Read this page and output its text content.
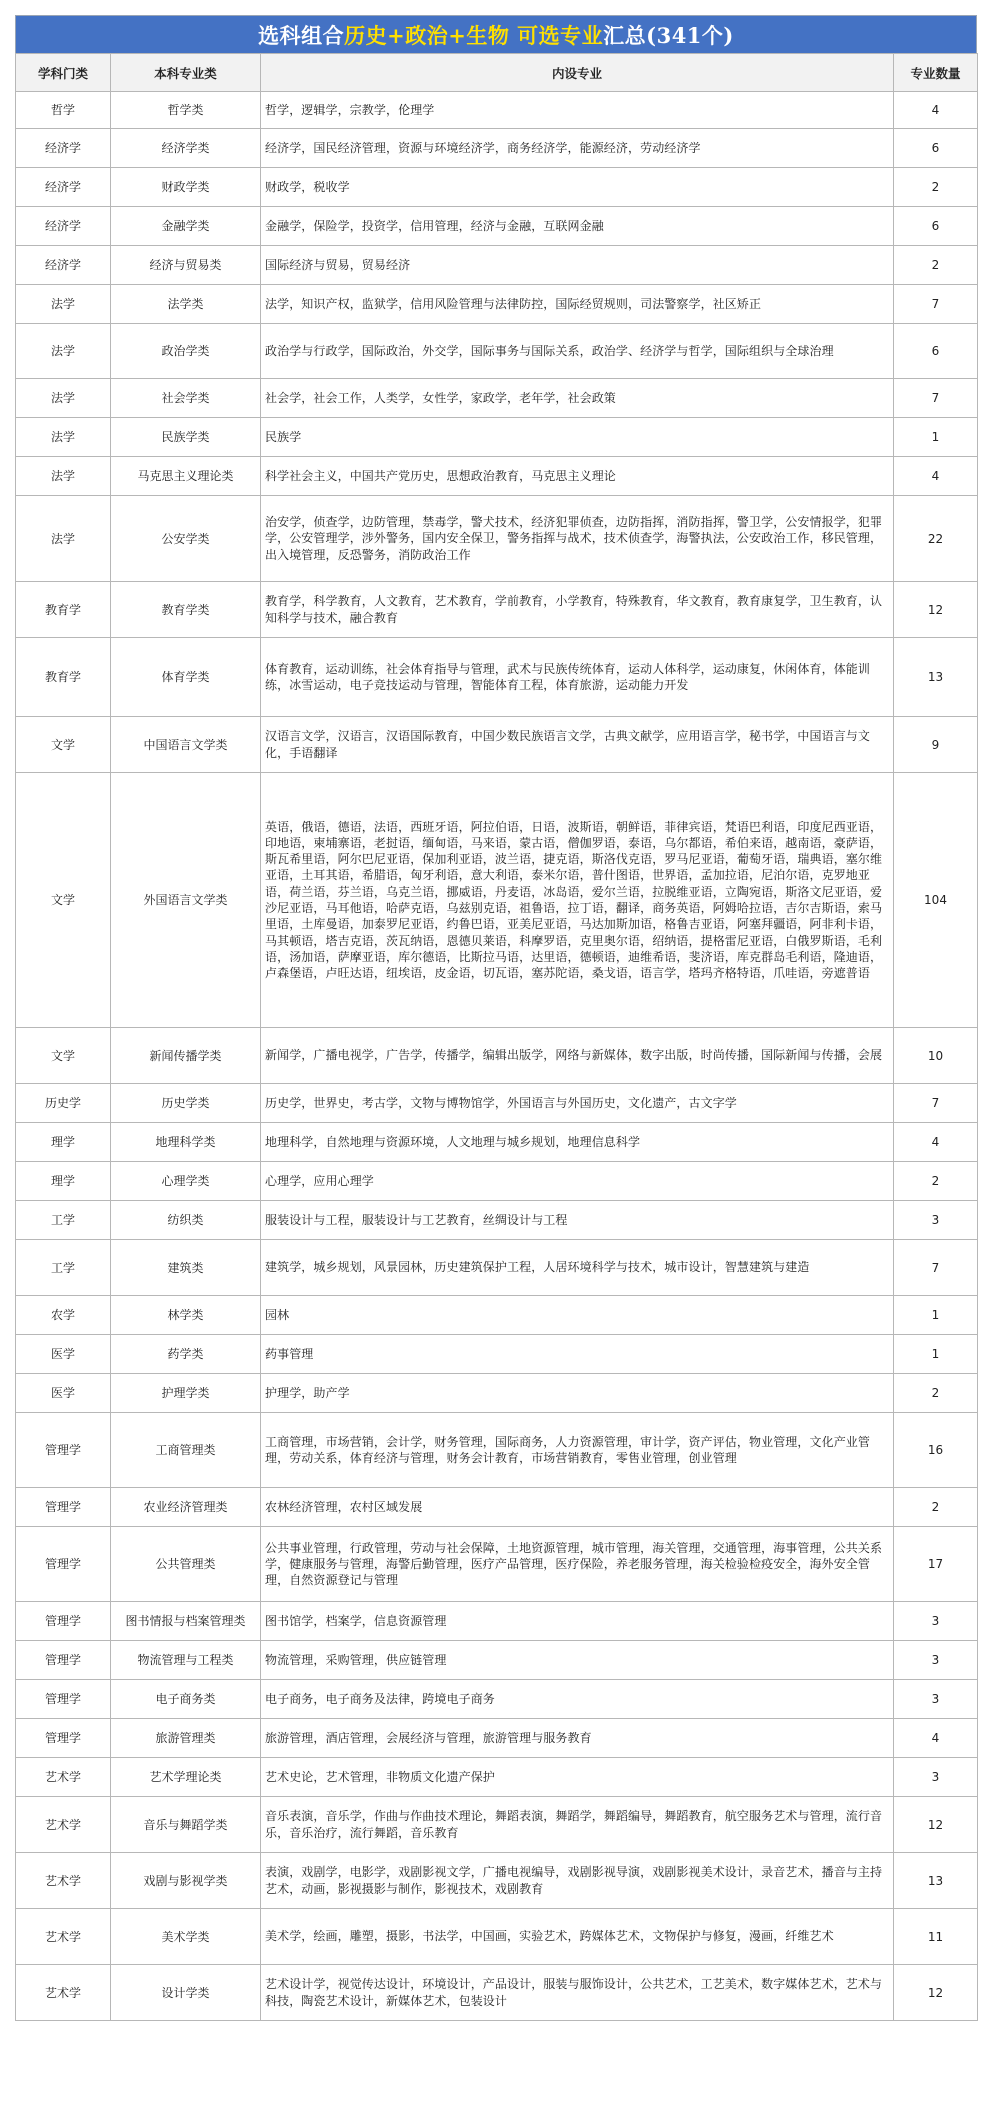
选科组合 历史+政治+生物
可选专业 汇总(341个)
学科门类	本科专业类	内设专业	专业数量
哲学	哲学类	哲学，逻辑学，宗教学，伦理学	4
经济学	经济学类	经济学，国民经济管理，资源与环境经济学，商务经济学，能源经济，劳动经济学	6
经济学	财政学类	财政学，税收学	2
经济学	金融学类	金融学，保险学，投资学，信用管理，经济与金融，互联网金融	6
经济学	经济与贸易类	国际经济与贸易，贸易经济	2
法学	法学类	法学，知识产权，监狱学，信用风险管理与法律防控，国际经贸规则，司法警察学，社区矫正	7
法学	政治学类	政治学与行政学，国际政治，外交学，国际事务与国际关系，政治学、经济学与哲学，国际组织与全球治理	6
法学	社会学类	社会学，社会工作，人类学，女性学，家政学，老年学，社会政策	7
法学	民族学类	民族学	1
法学	马克思主义理论类	科学社会主义，中国共产党历史，思想政治教育，马克思主义理论	4
法学	公安学类	治安学，侦查学，边防管理，禁毒学，警犬技术，经济犯罪侦查，边防指挥，消防指挥，警卫学，公安情报学，犯罪学，公安管理学，涉外警务，国内安全保卫，警务指挥与战术，技术侦查学，海警执法，公安政治工作，移民管理，出入境管理，反恐警务，消防政治工作	22
教育学	教育学类	教育学，科学教育，人文教育，艺术教育，学前教育，小学教育，特殊教育，华文教育，教育康复学，卫生教育，认知科学与技术，融合教育	12
教育学	体育学类	体育教育，运动训练，社会体育指导与管理，武术与民族传统体育，运动人体科学，运动康复，休闲体育，体能训练，冰雪运动，电子竞技运动与管理，智能体育工程，体育旅游，运动能力开发	13
文学	中国语言文学类	汉语言文学，汉语言，汉语国际教育，中国少数民族语言文学，古典文献学，应用语言学，秘书学，中国语言与文化，手语翻译	9
文学	外国语言文学类	英语，俄语，德语，法语，西班牙语，阿拉伯语，日语，波斯语，朝鲜语，菲律宾语，梵语巴利语，印度尼西亚语，印地语，柬埔寨语，老挝语，缅甸语，马来语，蒙古语，僧伽罗语，泰语，乌尔都语，希伯来语，越南语，豪萨语，斯瓦希里语，阿尔巴尼亚语，保加利亚语，波兰语，捷克语，斯洛伐克语，罗马尼亚语，葡萄牙语，瑞典语，塞尔维亚语，土耳其语，希腊语，匈牙利语，意大利语，泰米尔语，普什图语，世界语，孟加拉语，尼泊尔语，克罗地亚语，荷兰语，芬兰语，乌克兰语，挪威语，丹麦语，冰岛语，爱尔兰语，拉脱维亚语，立陶宛语，斯洛文尼亚语，爱沙尼亚语，马耳他语，哈萨克语，乌兹别克语，祖鲁语，拉丁语，翻译，商务英语，阿姆哈拉语，吉尔吉斯语，索马里语，土库曼语，加泰罗尼亚语，约鲁巴语，亚美尼亚语，马达加斯加语，格鲁吉亚语，阿塞拜疆语，阿非利卡语，马其顿语，塔吉克语，茨瓦纳语，恩德贝莱语，科摩罗语，克里奥尔语，绍纳语，提格雷尼亚语，白俄罗斯语，毛利语，汤加语，萨摩亚语，库尔德语，比斯拉马语，达里语，德顿语，迪维希语，斐济语，库克群岛毛利语，隆迪语，卢森堡语，卢旺达语，纽埃语，皮金语，切瓦语，塞苏陀语，桑戈语，语言学，塔玛齐格特语，爪哇语，旁遮普语	104
文学	新闻传播学类	新闻学，广播电视学，广告学，传播学，编辑出版学，网络与新媒体，数字出版，时尚传播，国际新闻与传播，会展	10
历史学	历史学类	历史学，世界史，考古学，文物与博物馆学，外国语言与外国历史，文化遗产，古文字学	7
理学	地理科学类	地理科学，自然地理与资源环境，人文地理与城乡规划，地理信息科学	4
理学	心理学类	心理学，应用心理学	2
工学	纺织类	服装设计与工程，服装设计与工艺教育，丝绸设计与工程	3
工学	建筑类	建筑学，城乡规划，风景园林，历史建筑保护工程，人居环境科学与技术，城市设计，智慧建筑与建造	7
农学	林学类	园林	1
医学	药学类	药事管理	1
医学	护理学类	护理学，助产学	2
管理学	工商管理类	工商管理，市场营销，会计学，财务管理，国际商务，人力资源管理，审计学，资产评估，物业管理，文化产业管理，劳动关系，体育经济与管理，财务会计教育，市场营销教育，零售业管理，创业管理	16
管理学	农业经济管理类	农林经济管理，农村区域发展	2
管理学	公共管理类	公共事业管理，行政管理，劳动与社会保障，土地资源管理，城市管理，海关管理，交通管理，海事管理，公共关系学，健康服务与管理，海警后勤管理，医疗产品管理，医疗保险，养老服务管理，海关检验检疫安全，海外安全管理，自然资源登记与管理	17
管理学	图书情报与档案管理类	图书馆学，档案学，信息资源管理	3
管理学	物流管理与工程类	物流管理，采购管理，供应链管理	3
管理学	电子商务类	电子商务，电子商务及法律，跨境电子商务	3
管理学	旅游管理类	旅游管理，酒店管理，会展经济与管理，旅游管理与服务教育	4
艺术学	艺术学理论类	艺术史论，艺术管理，非物质文化遗产保护	3
艺术学	音乐与舞蹈学类	音乐表演，音乐学，作曲与作曲技术理论，舞蹈表演，舞蹈学，舞蹈编导，舞蹈教育，航空服务艺术与管理，流行音乐，音乐治疗，流行舞蹈，音乐教育	12
艺术学	戏剧与影视学类	表演，戏剧学，电影学，戏剧影视文学，广播电视编导，戏剧影视导演，戏剧影视美术设计，录音艺术，播音与主持艺术，动画，影视摄影与制作，影视技术，戏剧教育	13
艺术学	美术学类	美术学，绘画，雕塑，摄影，书法学，中国画，实验艺术，跨媒体艺术，文物保护与修复，漫画，纤维艺术	11
艺术学	设计学类	艺术设计学，视觉传达设计，环境设计，产品设计，服装与服饰设计，公共艺术，工艺美术，数字媒体艺术，艺术与科技，陶瓷艺术设计，新媒体艺术，包装设计	12
